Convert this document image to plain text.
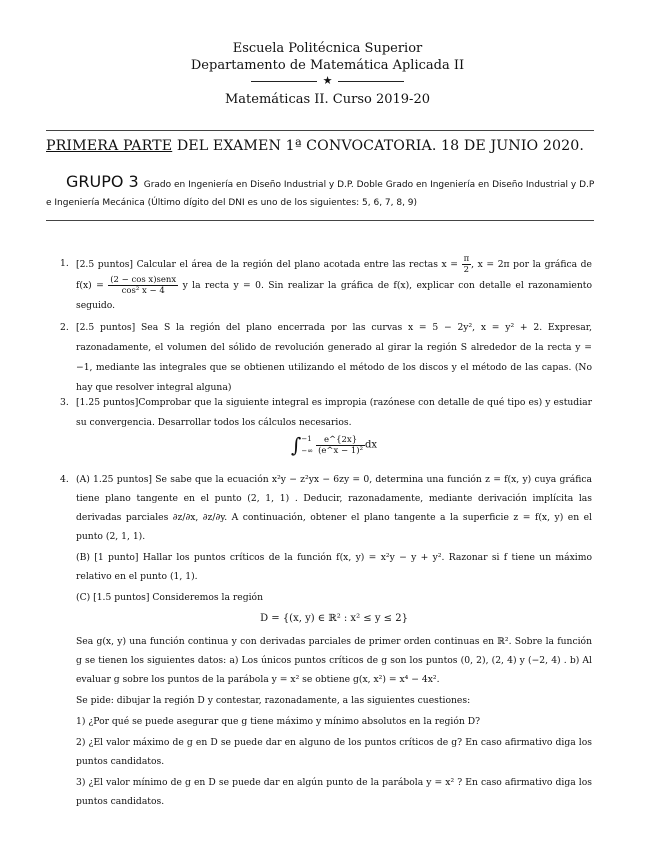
Escuela Politécnica Superior
Departamento de Matemática Aplicada II
★
Matemáticas II. Curso 2019-20
PRIMERA PARTE DEL EXAMEN 1ª CONVOCATORIA. 18 DE JUNIO 2020.
GRUPO 3 Grado en Ingeniería en Diseño Industrial y D.P. Doble Grado en Ingeniería en Diseño Industrial y D.P e Ingeniería Mecánica (Último dígito del DNI es uno de los siguientes: 5, 6, 7, 8, 9)
1. [2.5 puntos] Calcular el área de la región del plano acotada entre las rectas $x = \frac{\pi}{2}$ , x = 2π por la gráfica de f(x) = (2 − cos x)senx
cos² x − 4	y la recta y = 0. Sin realizar la gráfica de f(x), explicar con detalle el razonamiento seguido.
2. [2.5 puntos] Sea S la región del plano encerrada por las curvas x = 5 − 2y², x = y² + 2. Expresar, razonadamente, el volumen del sólido de revolución generado al girar la región S alrededor de la recta y = −1, mediante las integrales que se obtienen utilizando el método de los discos y el método de las capas. (No hay que resolver integral alguna)
3. [1.25 puntos]Comprobar que la siguiente integral es impropia (razónese con detalle de qué tipo es) y estudiar su convergencia. Desarrollar todos los cálculos necesarios.
∫ −1
−∞ $\frac{e\^{}\{2x\}}{\text{(e\textasciicircum{}x − 1)²}}$ dx
4. (A) 1.25 puntos] Se sabe que la ecuación x²y − z²yx − 6zy = 0, determina una función z = f(x, y) cuya gráfica tiene plano tangente en el punto (2, 1, 1) . Deducir, razonadamente, mediante derivación implícita las derivadas parciales ∂z/∂x, ∂z/∂y. A continuación, obtener el plano tangente a la superficie z = f(x, y) en el punto (2, 1, 1).

(B) [1 punto] Hallar los puntos críticos de la función f(x, y) = x²y − y + y². Razonar si f tiene un máximo relativo en el punto (1, 1).

(C) [1.5 puntos] Consideremos la región

D = {(x, y) ∈ ℝ² : x² ≤ y ≤ 2}

Sea g(x, y) una función continua y con derivadas parciales de primer orden continuas en ℝ². Sobre la función g se tienen los siguientes datos: a) Los únicos puntos críticos de g son los puntos (0, 2), (2, 4) y (−2, 4) . b) Al evaluar g sobre los puntos de la parábola y = x² se obtiene g(x, x²) = x⁴ − 4x².

Se pide: dibujar la región D y contestar, razonadamente, a las siguientes cuestiones:

1) ¿Por qué se puede asegurar que g tiene máximo y mínimo absolutos en la región D?

2) ¿El valor máximo de g en D se puede dar en alguno de los puntos críticos de g? En caso afirmativo diga los puntos candidatos.

3) ¿El valor mínimo de g en D se puede dar en algún punto de la parábola y = x² ? En caso afirmativo diga los puntos candidatos.
